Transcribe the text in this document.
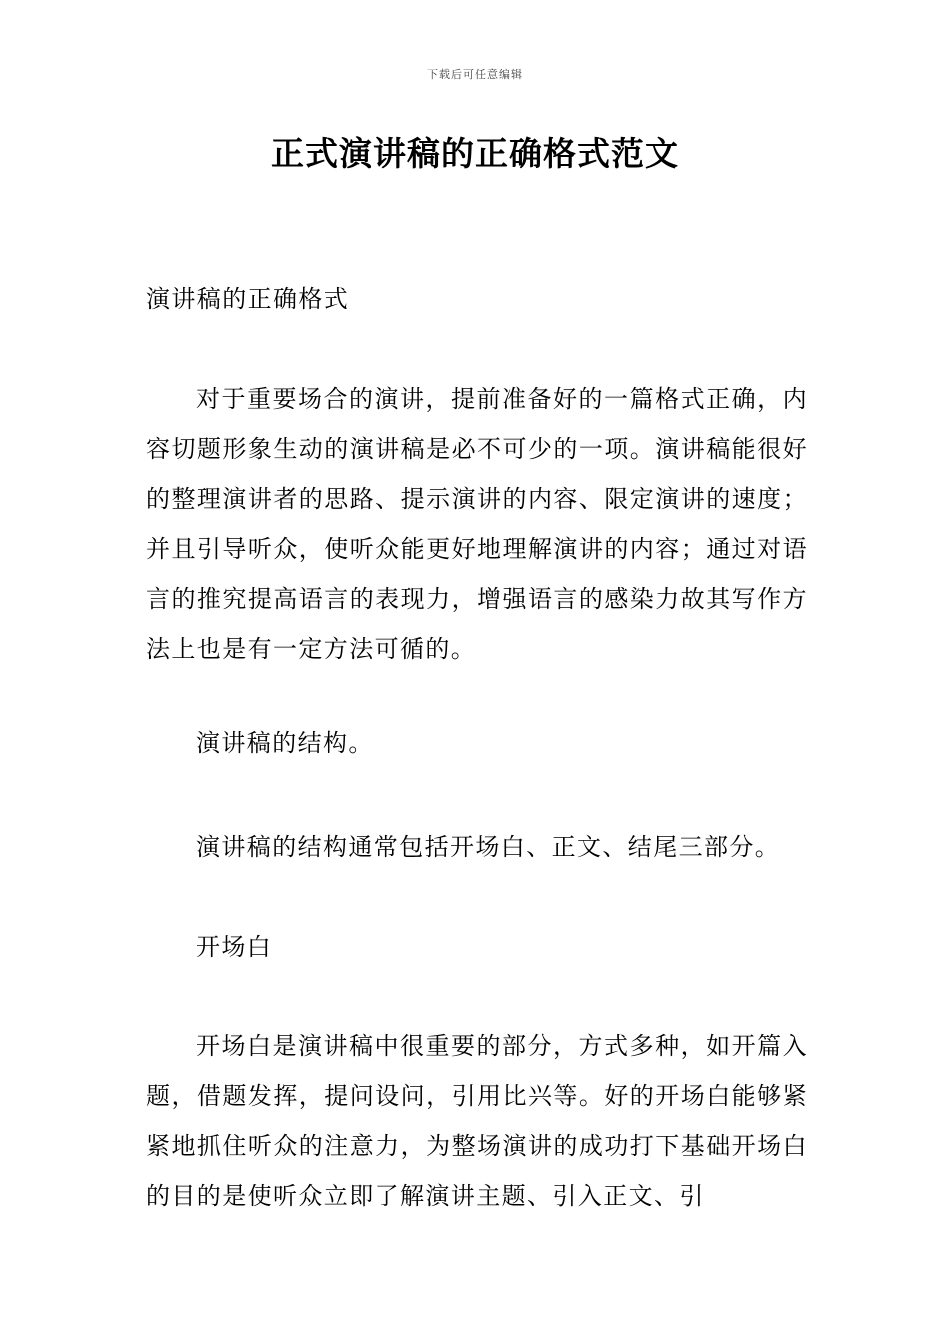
下载后可任意编辑
正式演讲稿的正确格式范文
演讲稿的正确格式

对于重要场合的演讲，提前准备好的一篇格式正确，内容切题形象生动的演讲稿是必不可少的一项。演讲稿能很好的整理演讲者的思路、提示演讲的内容、限定演讲的速度；并且引导听众，使听众能更好地理解演讲的内容；通过对语言的推究提高语言的表现力，增强语言的感染力故其写作方法上也是有一定方法可循的。

演讲稿的结构。

演讲稿的结构通常包括开场白、正文、结尾三部分。

开场白

开场白是演讲稿中很重要的部分，方式多种，如开篇入题，借题发挥，提问设问，引用比兴等。好的开场白能够紧紧地抓住听众的注意力，为整场演讲的成功打下基础开场白的目的是使听众立即了解演讲主题、引入正文、引
